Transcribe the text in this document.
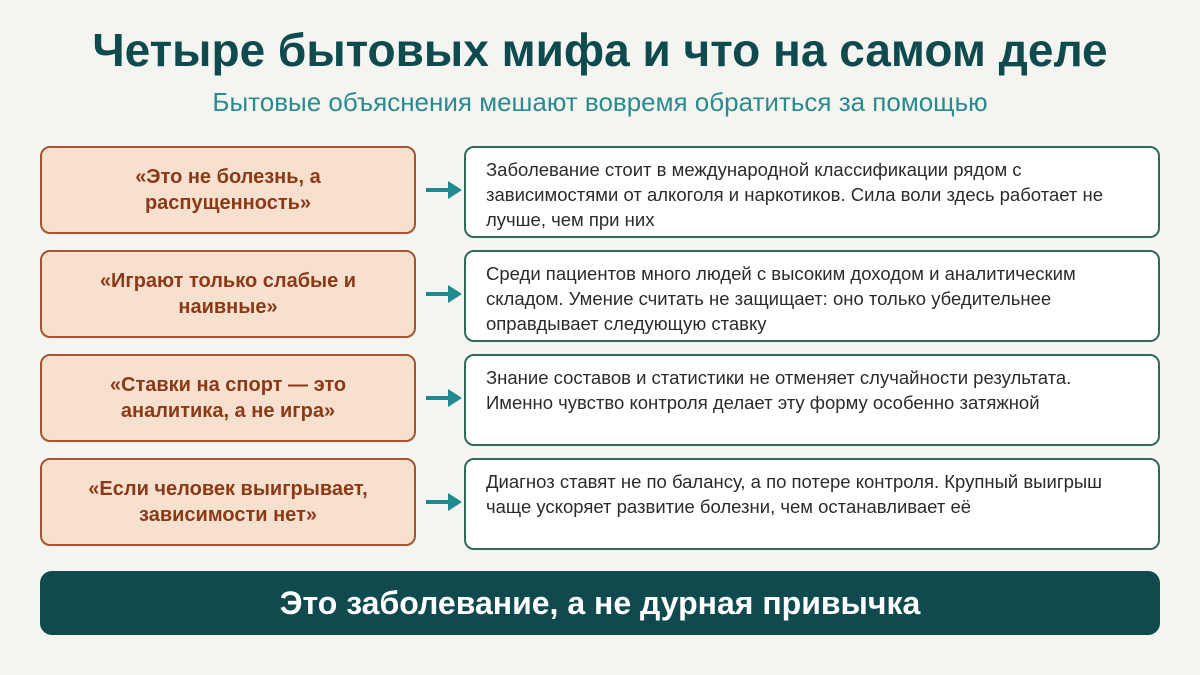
Четыре бытовых мифа и что на самом деле

Бытовые объяснения мешают вовремя обратиться за помощью

«Это не болезнь, а распущенность»
Заболевание стоит в международной классификации рядом с зависимостями от алкоголя и наркотиков. Сила воли здесь работает не лучше, чем при них
«Играют только слабые и наивные»
Среди пациентов много людей с высоким доходом и аналитическим складом. Умение считать не защищает: оно только убедительнее оправдывает следующую ставку
«Ставки на спорт — это аналитика, а не игра»
Знание составов и статистики не отменяет случайности результата. Именно чувство контроля делает эту форму особенно затяжной
«Если человек выигрывает, зависимости нет»
Диагноз ставят не по балансу, а по потере контроля. Крупный выигрыш чаще ускоряет развитие болезни, чем останавливает её
Это заболевание, а не дурная привычка
